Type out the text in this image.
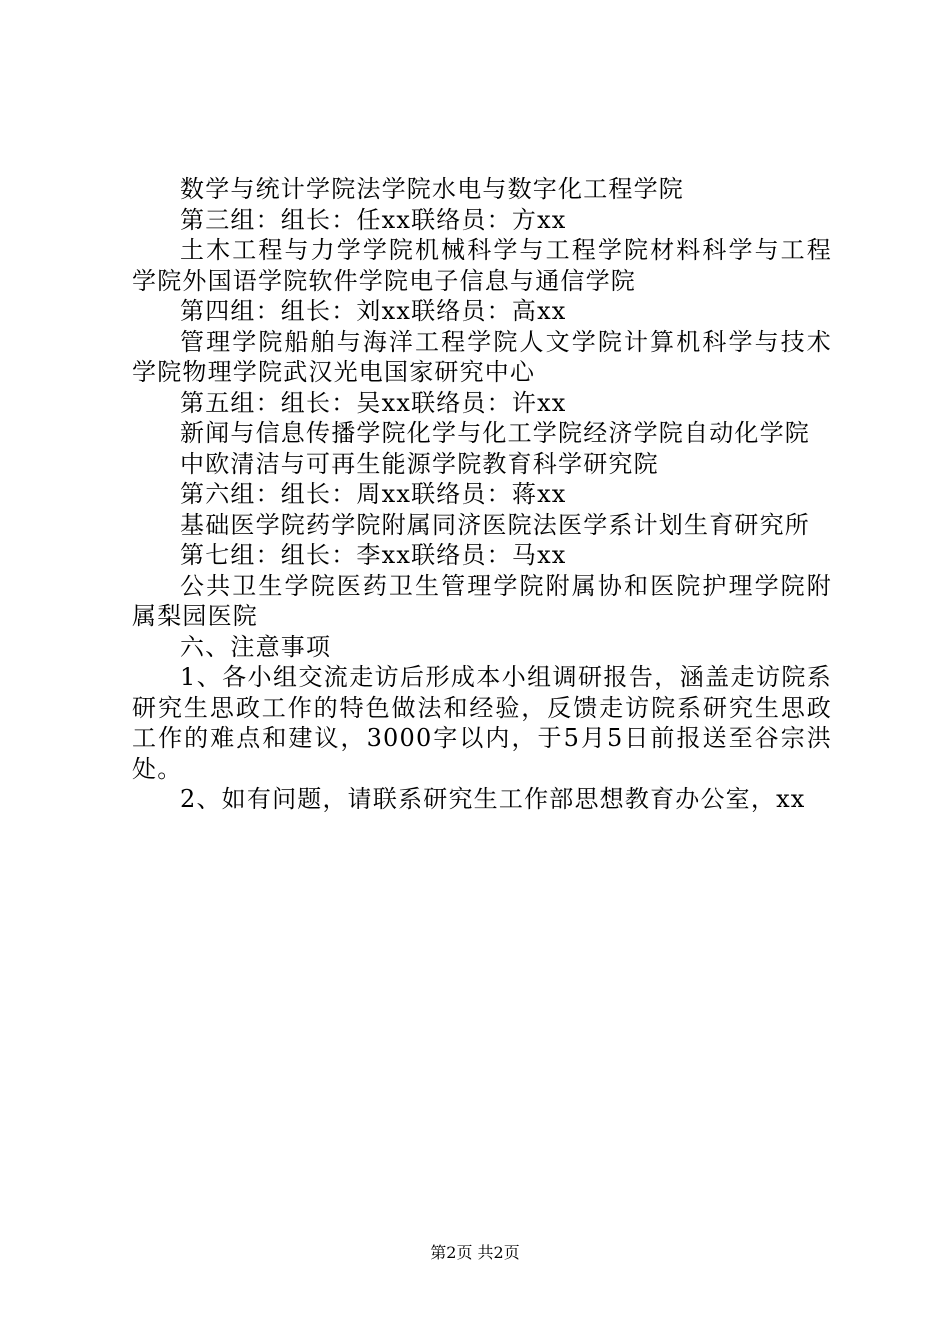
数学与统计学院法学院水电与数字化工程学院

第三组：组长：任xx联络员：方xx

土木工程与力学学院机械科学与工程学院材料科学与工程学院外国语学院软件学院电子信息与通信学院

第四组：组长：刘xx联络员：高xx

管理学院船舶与海洋工程学院人文学院计算机科学与技术学院物理学院武汉光电国家研究中心

第五组：组长：吴xx联络员：许xx

新闻与信息传播学院化学与化工学院经济学院自动化学院

中欧清洁与可再生能源学院教育科学研究院

第六组：组长：周xx联络员：蒋xx

基础医学院药学院附属同济医院法医学系计划生育研究所

第七组：组长：李xx联络员：马xx

公共卫生学院医药卫生管理学院附属协和医院护理学院附属梨园医院

六、注意事项

1、各小组交流走访后形成本小组调研报告，涵盖走访院系研究生思政工作的特色做法和经验，反馈走访院系研究生思政工作的难点和建议，3000字以内，于5月5日前报送至谷宗洪处。

2、如有问题，请联系研究生工作部思想教育办公室，xx

第2页 共2页
